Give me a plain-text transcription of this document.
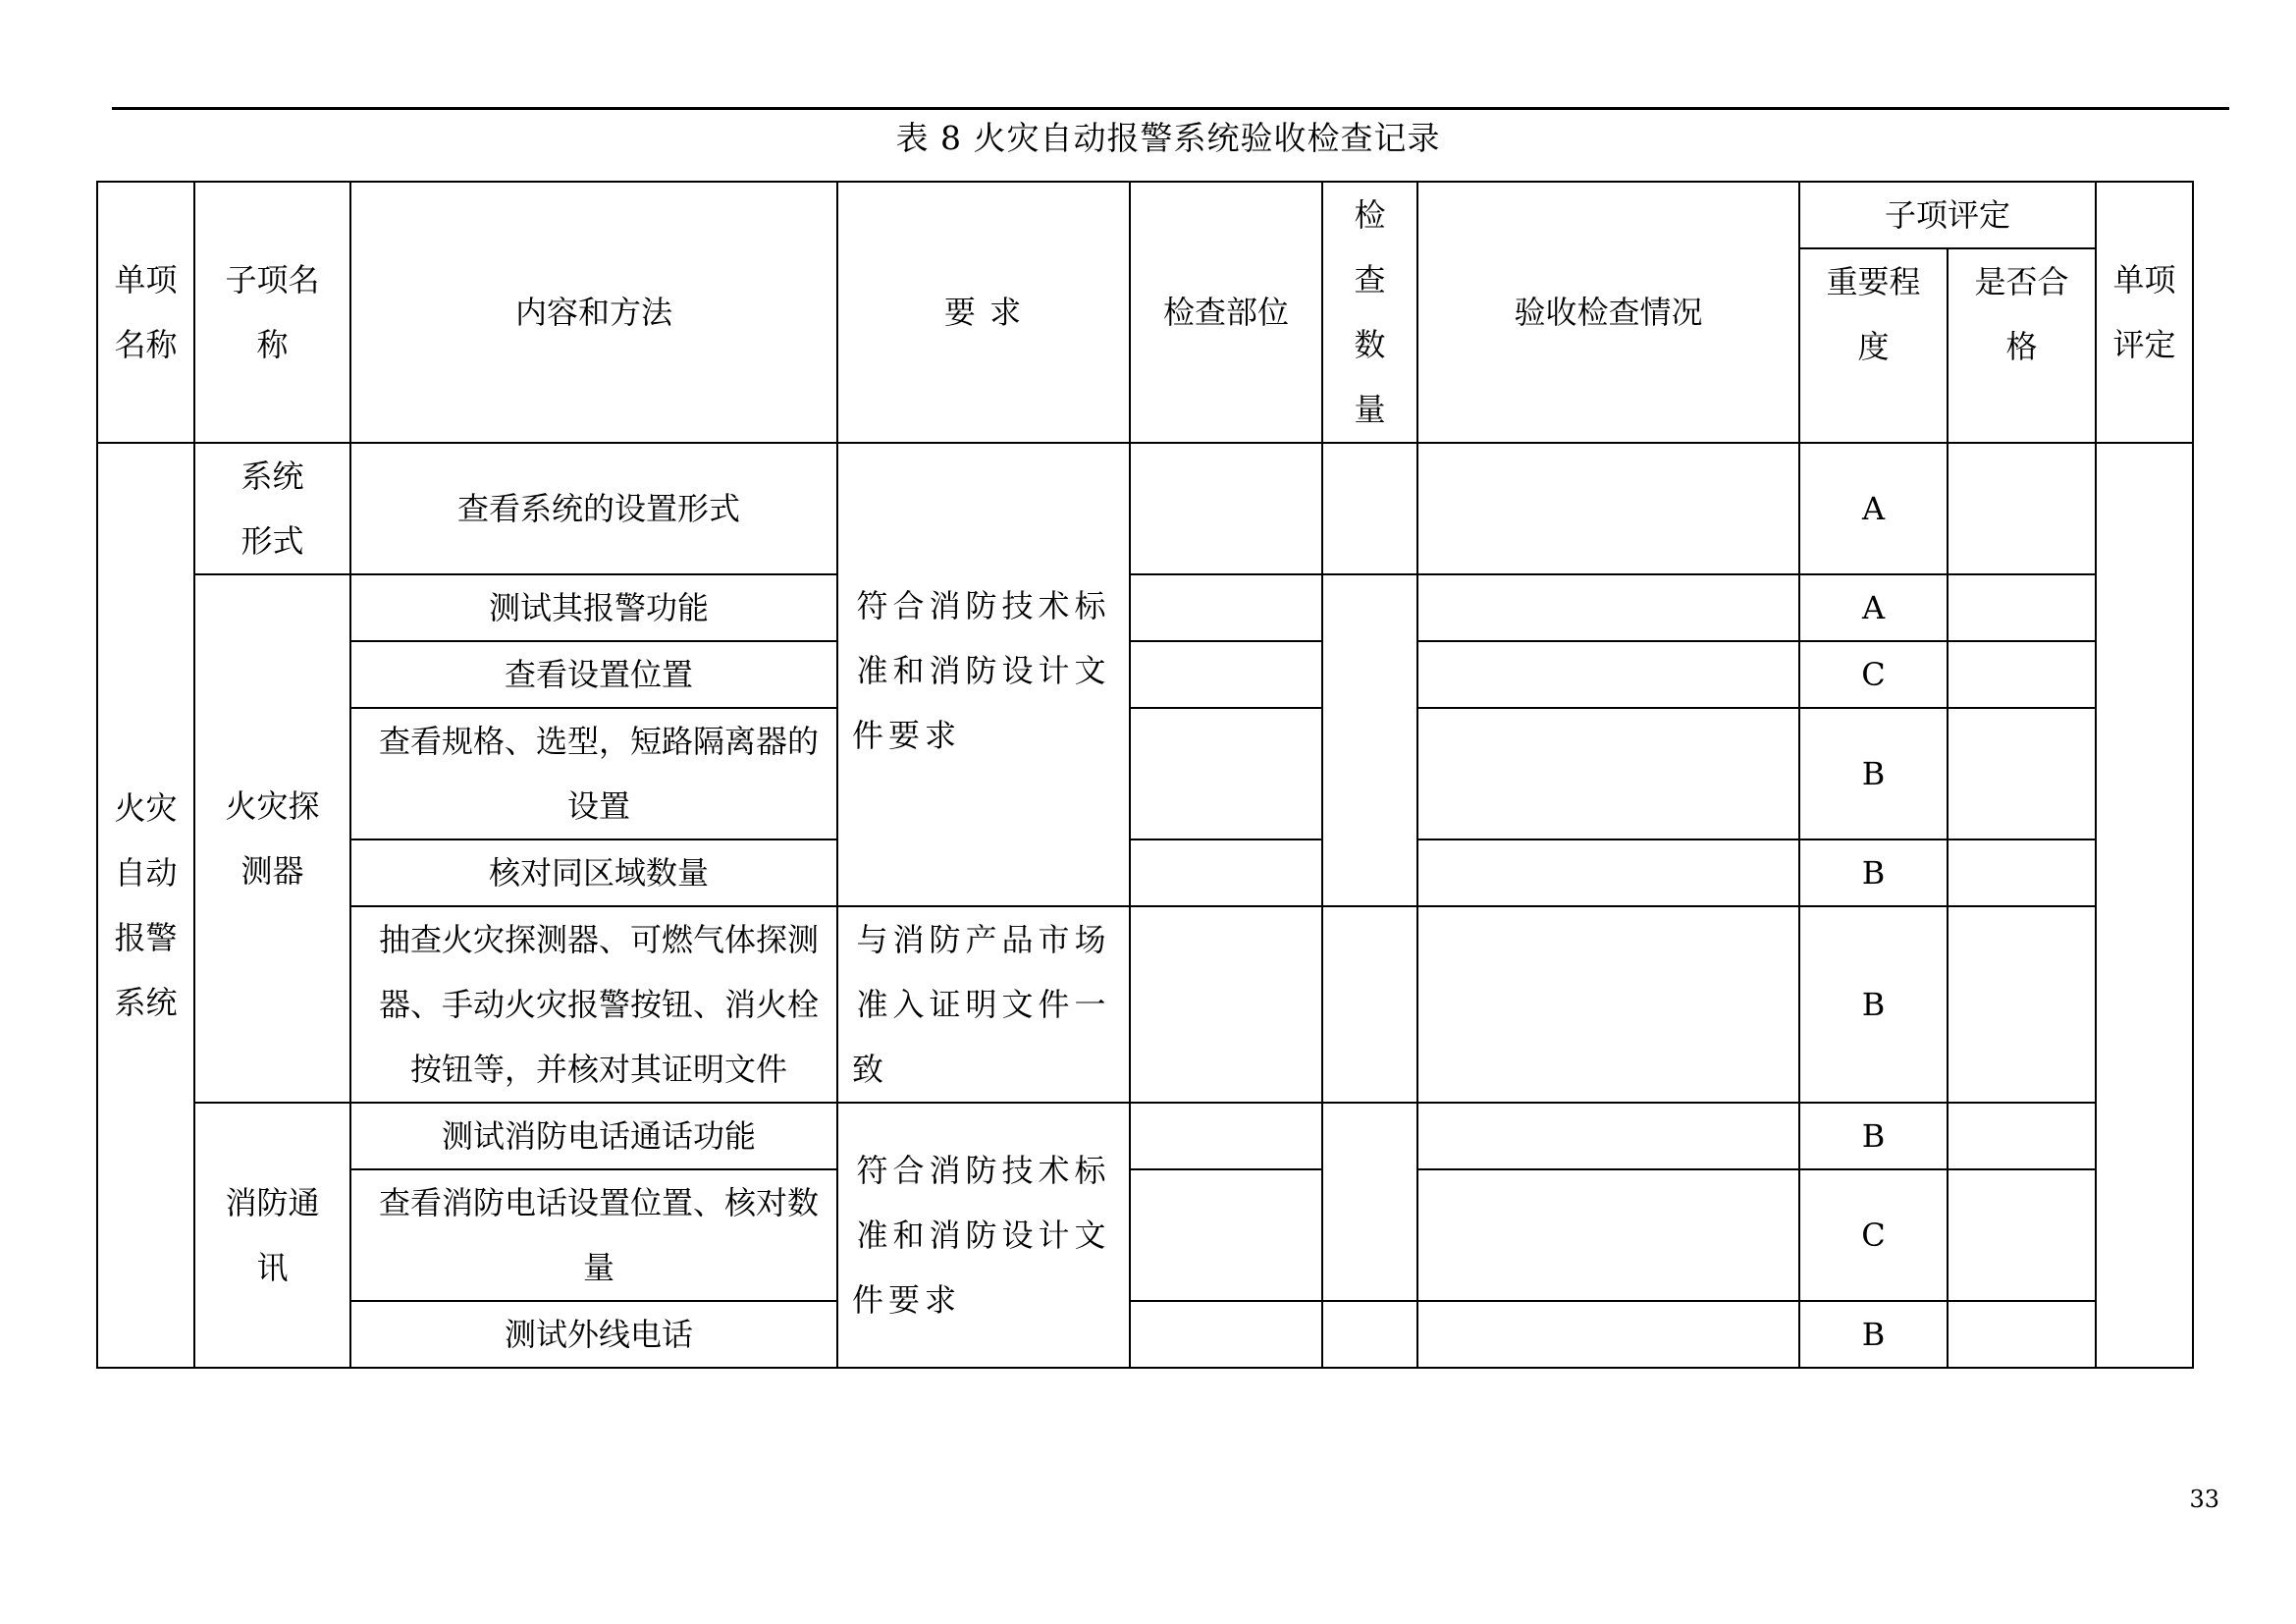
表 8 火灾自动报警系统验收检查记录
单项名称	子项名称	内容和方法	要 求	检查部位	检查数量	验收检查情况	子项评定		单项评定
							重要程度	是否合格	
火灾自动报警系统	系统形式	查看系统的设置形式	符合消防技术标准和消防设计文件要求				A		
	火灾探测器	测试其报警功能					A		
		查看设置位置					C		
		查看规格、选型，短路隔离器的设置					B		
		核对同区域数量					B		
		抽查火灾探测器、可燃气体探测器、手动火灾报警按钮、消火栓按钮等，并核对其证明文件	与消防产品市场准入证明文件一致				B		
	消防通讯	测试消防电话通话功能	符合消防技术标准和消防设计文件要求				B		
		查看消防电话设置位置、核对数量					C		
		测试外线电话					B		
33
